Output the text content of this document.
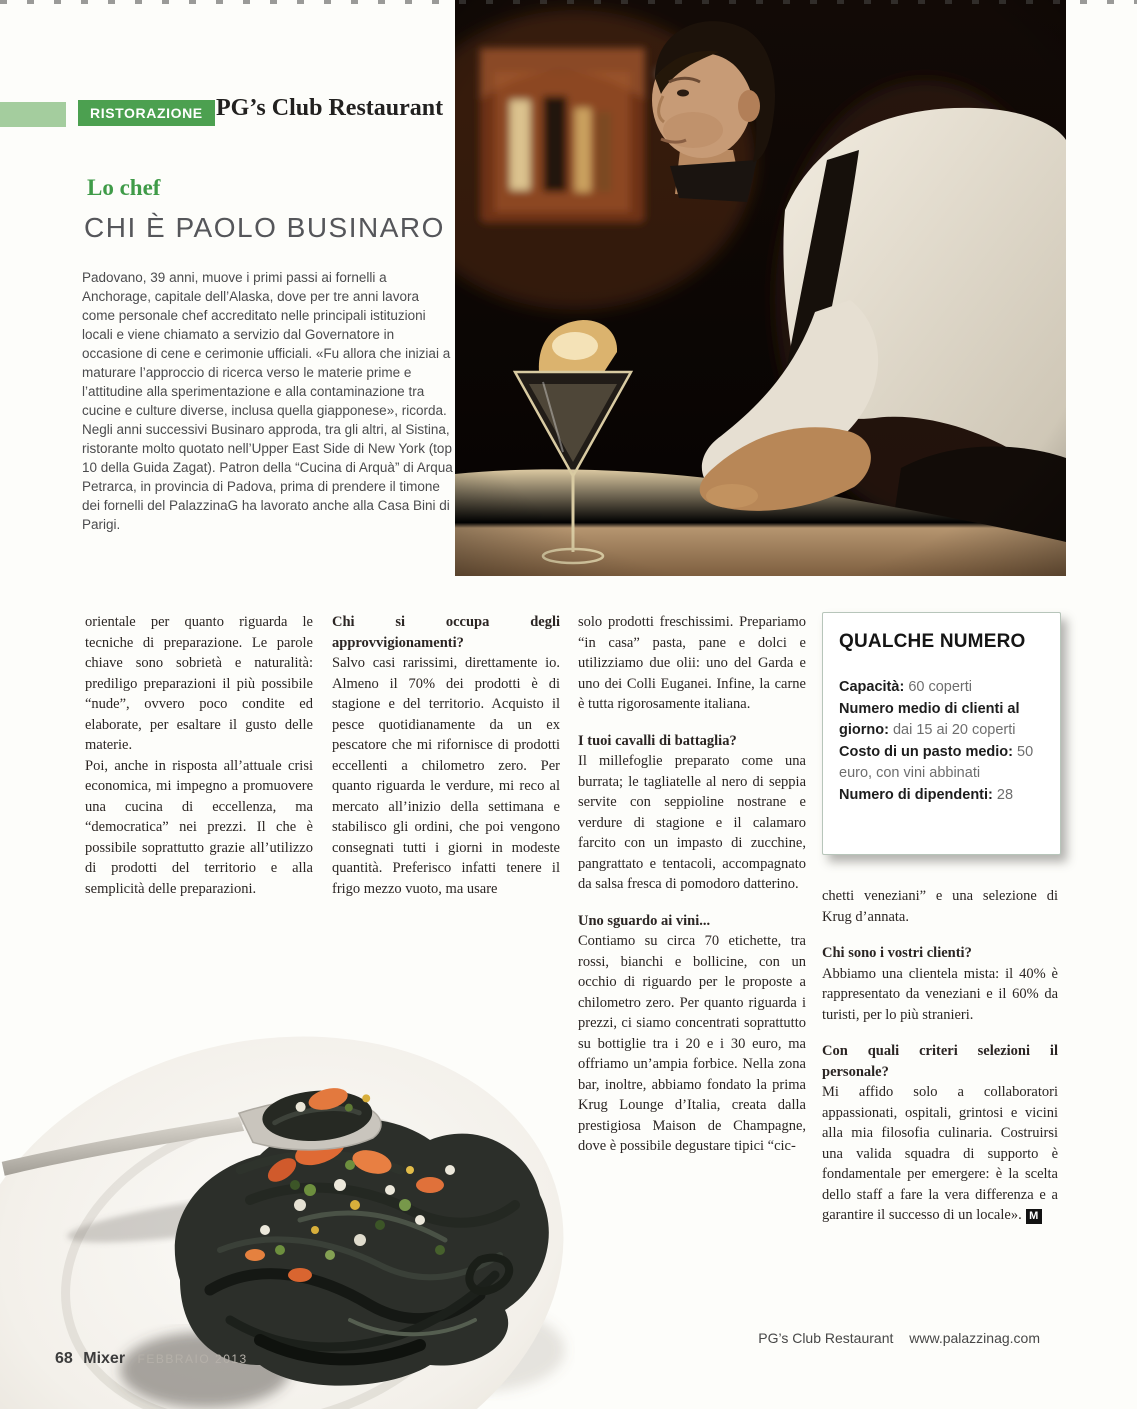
RISTORAZIONE PG’s Club Restaurant
Lo chef
CHI È PAOLO BUSINARO
Padovano, 39 anni, muove i primi passi ai fornelli a Anchorage, capitale dell’Alaska, dove per tre anni lavora come personale chef accreditato nelle principali istituzioni locali e viene chiamato a servizio dal Governatore in occasione di cene e cerimonie ufficiali. «Fu allora che iniziai a maturare l’approccio di ricerca verso le materie prime e l’attitudine alla sperimentazione e alla contaminazione tra cucine e culture diverse, inclusa quella giapponese», ricorda. Negli anni successivi Businaro approda, tra gli altri, al Sistina, ristorante molto quotato nell’Upper East Side di New York (top 10 della Guida Zagat). Patron della “Cucina di Arquà” di Arqua Petrarca, in provincia di Padova, prima di prendere il timone dei fornelli del PalazzinaG ha lavorato anche alla Casa Bini di Parigi.

orientale per quanto riguarda le tecniche di preparazione. Le parole chiave sono sobrietà e naturalità: prediligo preparazioni il più possibile “nude”, ovvero poco condite ed elaborate, per esaltare il gusto delle materie.

Poi, anche in risposta all’attuale crisi economica, mi impegno a promuovere una cucina di eccellenza, ma “democratica” nei prezzi. Il che è possibile soprattutto grazie all’utilizzo di prodotti del territorio e alla semplicità delle preparazioni.

Chi si occupa degli approvvigionamenti?

Salvo casi rarissimi, direttamente io. Almeno il 70% dei prodotti è di stagione e del territorio. Acquisto il pesce quotidianamente da un ex pescatore che mi rifornisce di prodotti eccellenti a chilometro zero. Per quanto riguarda le verdure, mi reco al mercato all’inizio della settimana e stabilisco gli ordini, che poi vengono consegnati tutti i giorni in modeste quantità. Preferisco infatti tenere il frigo mezzo vuoto, ma usare

solo prodotti freschissimi. Prepariamo “in casa” pasta, pane e dolci e utilizziamo due olii: uno del Garda e uno dei Colli Euganei. Infine, la carne è tutta rigorosamente italiana.

I tuoi cavalli di battaglia?

Il millefoglie preparato come una burrata; le tagliatelle al nero di seppia servite con seppioline nostrane e verdure di stagione e il calamaro farcito con un impasto di zucchine, pangrattato e tentacoli, accompagnato da salsa fresca di pomodoro datterino.

Uno sguardo ai vini...

Contiamo su circa 70 etichette, tra rossi, bianchi e bollicine, con un occhio di riguardo per le proposte a chilometro zero. Per quanto riguarda i prezzi, ci siamo concentrati soprattutto su bottiglie tra i 20 e i 30 euro, ma offriamo un’ampia forbice. Nella zona bar, inoltre, abbiamo fondato la prima Krug Lounge d’Italia, creata dalla prestigiosa Maison de Champagne, dove è possibile degustare tipici “cic-

chetti veneziani” e una selezione di Krug d’annata.

Chi sono i vostri clienti?

Abbiamo una clientela mista: il 40% è rappresentato da veneziani e il 60% da turisti, per lo più stranieri.

Con quali criteri selezioni il personale?

Mi affido solo a collaboratori appassionati, ospitali, grintosi e vicini alla mia filosofia culinaria. Costruirsi una valida squadra di supporto è fondamentale per emergere: è la scelta dello staff a fare la vera differenza e a garantire il successo di un locale». M

QUALCHE NUMERO
Capacità: 60 coperti
Numero medio di clienti al giorno: dai 15 ai 20 coperti
Costo di un pasto medio: 50 euro, con vini abbinati
Numero di dipendenti: 28
68 Mixer FEBBRAIO 2013
PG’s Club Restaurant www.palazzinag.com
